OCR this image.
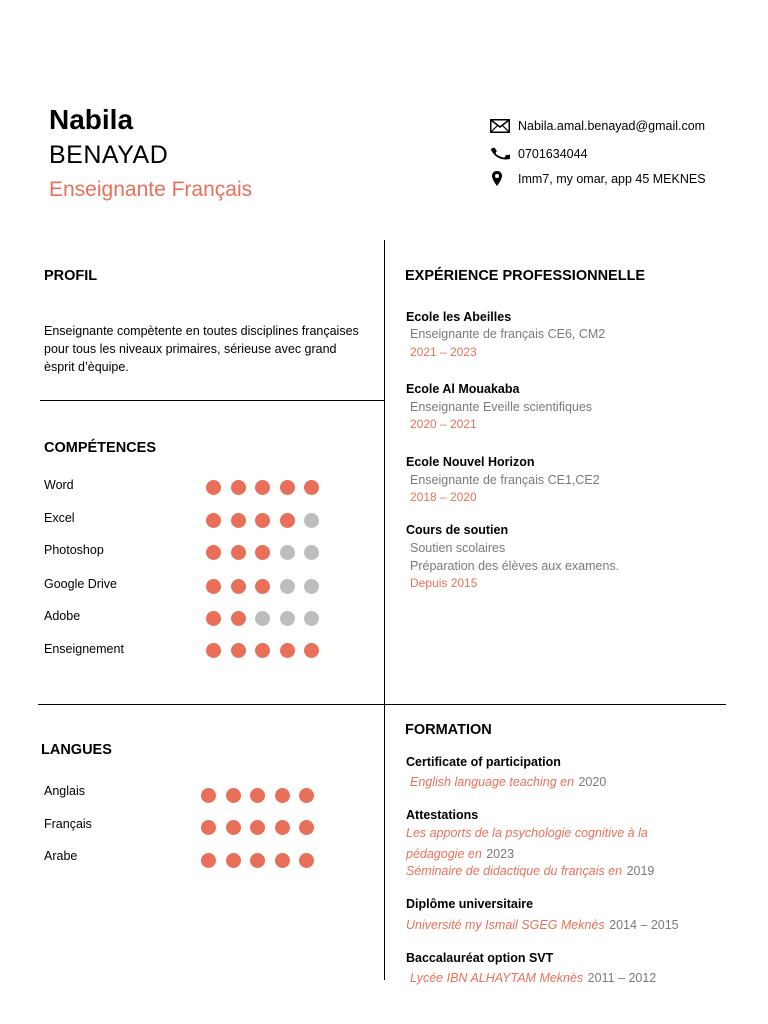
Nabila
BENAYAD
Enseignante Français
Nabila.amal.benayad@gmail.com
0701634044
Imm7, my omar, app 45 MEKNES
PROFIL
Enseignante compètente en toutes disciplines françaises pour tous les niveaux primaires, sérieuse avec grand èsprit d’èquipe.
COMPÉTENCES
Word
Excel
Photoshop
Google Drive
Adobe
Enseignement
LANGUES
Anglais
Français
Arabe
EXPÉRIENCE PROFESSIONNELLE
Ecole les Abeilles
Enseignante de français CE6, CM2
2021 – 2023
Ecole Al Mouakaba
Enseignante Eveille scientifiques
2020 – 2021
Ecole Nouvel Horizon
Enseignante de français CE1,CE2
2018 – 2020
Cours de soutien
Soutien scolaires
Préparation des élèves aux examens.
Depuis 2015
FORMATION
Certificate of participation
English language teaching en 2020
Attestations
Les apports de la psychologie cognitive à la
pédagogie en 2023
Séminaire de didactique du français en 2019
Diplôme universitaire
Université my Ismail SGEG Meknès 2014 – 2015
Baccalauréat option SVT
Lycée IBN ALHAYTAM Meknès 2011 – 2012
